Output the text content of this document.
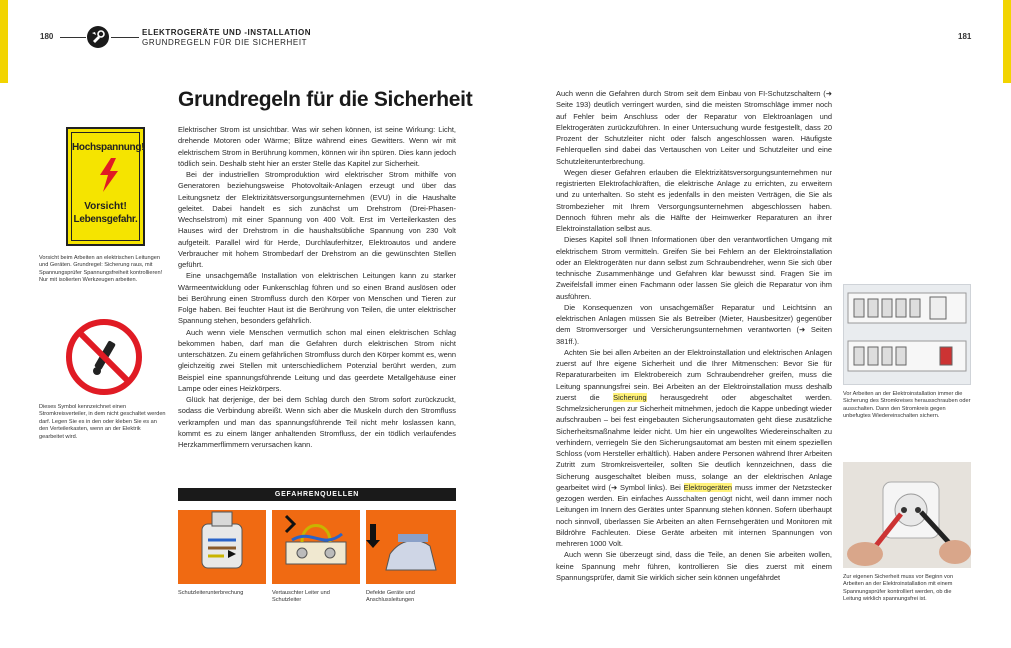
180	ELEKTROGERÄTE UND -INSTALLATION
GRUNDREGELN FÜR DIE SICHERHEIT
181
Hochspannung!
Vorsicht!
Lebensgefahr.
Vorsicht beim Arbeiten an elektrischen Leitungen und Geräten. Grundregel: Sicherung raus, mit Spannungsprüfer Spannungsfreiheit kontrollieren! Nur mit isolierten Werkzeugen arbeiten.
Dieses Symbol kennzeichnet einen Stromkreisverteiler, in dem nicht geschaltet werden darf. Legen Sie es in den oder kleben Sie es an den Verteilerkasten, wenn an der Elektrik gearbeitet wird.
Grundregeln für die Sicherheit

Elektrischer Strom ist unsichtbar. Was wir sehen können, ist seine Wirkung: Licht, drehende Motoren oder Wärme; Blitze während eines Gewitters. Wenn wir mit elektrischem Strom in Berührung kommen, können wir ihn spüren. Dies kann jedoch tödlich sein. Deshalb steht hier an erster Stelle das Kapitel zur Sicherheit.

Bei der industriellen Stromproduktion wird elektrischer Strom mithilfe von Generatoren beziehungsweise Photovoltaik-Anlagen erzeugt und über das Leitungsnetz der Elektrizitätsversorgungsunternehmen (EVU) in die Haushalte geleitet. Dabei handelt es sich zunächst um Drehstrom (Drei-Phasen-Wechselstrom) mit einer Spannung von 400 Volt. Erst im Verteilerkasten des Hauses wird der Drehstrom in die haushaltsübliche Spannung von 230 Volt aufgeteilt. Parallel wird für Herde, Durchlauferhitzer, Elektroautos und andere Verbraucher mit hohem Strombedarf der Drehstrom an die gewünschten Stellen geführt.

Eine unsachgemäße Installation von elektrischen Leitungen kann zu starker Wärmeentwicklung oder Funkenschlag führen und so einen Brand auslösen oder bei Berührung einen Stromfluss durch den Körper von Menschen und Tieren zur Folge haben. Bei feuchter Haut ist die Berührung von Teilen, die unter elektrischer Spannung stehen, besonders gefährlich.

Auch wenn viele Menschen vermutlich schon mal einen elektrischen Schlag bekommen haben, darf man die Gefahren durch elektrischen Strom nicht unterschätzen. Zu einem gefährlichen Stromfluss durch den Körper kommt es, wenn gleichzeitig zwei Stellen mit unterschiedlichem Potenzial berührt werden, zum Beispiel eine spannungsführende Leitung und das geerdete Metallgehäuse einer Lampe oder eines Heizkörpers.

Glück hat derjenige, der bei dem Schlag durch den Strom sofort zurückzuckt, sodass die Verbindung abreißt. Wenn sich aber die Muskeln durch den Stromfluss verkrampfen und man das spannungsführende Teil nicht mehr loslassen kann, kommt es zu einem länger anhaltenden Stromfluss, der ein tödlich verlaufendes Herzkammerflimmern verursachen kann.

GEFAHRENQUELLEN
Schutzleiterunterbrechung	Vertauschter Leiter und Schutzleiter
Defekte Geräte und Anschlussleitungen

Auch wenn die Gefahren durch Strom seit dem Einbau von FI-Schutzschaltern (➜ Seite 193) deutlich verringert wurden, sind die meisten Stromschläge immer noch auf Fehler beim Anschluss oder der Reparatur von Elektroanlagen und Elektrogeräten zurückzuführen. In einer Untersuchung wurde festgestellt, dass 20 Prozent der Schutzleiter nicht oder falsch angeschlossen waren. Häufigste Fehlerquellen sind dabei das Vertauschen von Leiter und Schutzleiter und eine Schutzleiterunterbrechung.

Wegen dieser Gefahren erlauben die Elektrizitätsversorgungsunternehmen nur registrierten Elektrofachkräften, die elektrische Anlage zu errichten, zu erweitern und zu unterhalten. So steht es jedenfalls in den meisten Verträgen, die Sie als Strombezieher mit Ihrem Versorgungsunternehmen abgeschlossen haben. Dennoch führen mehr als die Hälfte der Heimwerker Reparaturen an ihrer Elektroinstallation selbst aus.

Dieses Kapitel soll Ihnen Informationen über den verantwortlichen Umgang mit elektrischem Strom vermitteln. Greifen Sie bei Fehlern an der Elektroinstallation oder an Elektrogeräten nur dann selbst zum Schraubendreher, wenn Sie sich über technische Zusammenhänge und Gefahren klar bewusst sind. Fragen Sie im Zweifelsfall immer einen Fachmann oder lassen Sie gleich die Reparatur von ihm ausführen.

Die Konsequenzen von unsachgemäßer Reparatur und Leichtsinn an elektrischen Anlagen müssen Sie als Betreiber (Mieter, Hausbesitzer) gegenüber dem Stromversorger und Versicherungsunternehmen verantworten (➜ Seiten 381ff.).

Achten Sie bei allen Arbeiten an der Elektroinstallation und elektrischen Anlagen zuerst auf Ihre eigene Sicherheit und die Ihrer Mitmenschen: Bevor Sie für Reparaturarbeiten im Elektrobereich zum Schraubendreher greifen, muss die Leitung spannungsfrei sein. Bei Arbeiten an der Elektroinstallation muss deshalb zuerst die Sicherung herausgedreht oder abgeschaltet werden. Schmelzsicherungen zur Sicherheit mitnehmen, jedoch die Kappe unbedingt wieder aufschrauben – bei fest eingebauten Sicherungsautomaten geht diese zusätzliche Sicherheitsmaßnahme leider nicht. Um hier ein ungewolltes Wiedereinschalten zu verhindern, verriegeln Sie den Sicherungsautomat am besten mit einem speziellen Schloss (vom Hersteller erhältlich). Haben andere Personen während Ihrer Arbeiten Zutritt zum Stromkreisverteiler, sollten Sie deutlich kennzeichnen, dass die Sicherung ausgeschaltet bleiben muss, solange an der elektrischen Anlage gearbeitet wird (➜ Symbol links). Bei Elektrogeräten muss immer der Netzstecker gezogen werden. Ein einfaches Ausschalten genügt nicht, weil dann immer noch Leitungen im Innern des Gerätes unter Spannung stehen können. Sofern überhaupt noch sinnvoll, überlassen Sie Arbeiten an alten Fernsehgeräten und Monitoren mit Bildröhre Fachleuten. Diese Geräte arbeiten mit internen Spannungen von mehreren 1000 Volt.

Auch wenn Sie überzeugt sind, dass die Teile, an denen Sie arbeiten wollen, keine Spannung mehr führen, kontrollieren Sie dies zuerst mit einem Spannungsprüfer, damit Sie wirklich sicher sein können ungefährdet

Vor Arbeiten an der Elektroinstallation immer die Sicherung des Stromkreises herausschrauben oder ausschalten. Dann den Stromkreis gegen unbefugtes Wiedereinschalten sichern.
Zur eigenen Sicherheit muss vor Beginn von Arbeiten an der Elektroinstallation mit einem Spannungsprüfer kontrolliert werden, ob die Leitung wirklich spannungsfrei ist.
